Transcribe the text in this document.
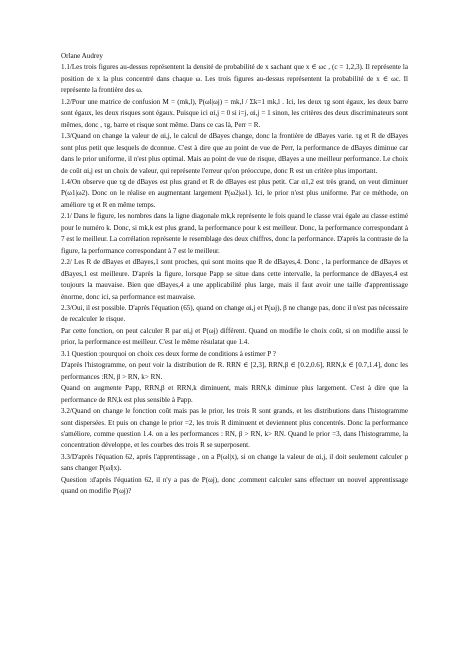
Orlane Audrey

1.1/Les trois figures au-dessus représentent la densité de probabilité de x sachant que x ∈ ωc , (c = 1,2,3). Il représente la position de x la plus concentré dans chaque ω. Les trois figures au-dessus représentent la probabilité de x ∈ ωc. Il représente la frontière des ω.

1.2/Pour une matrice de confusion M = (mk,l), P(ωl|ωj) = mk,l / Σk=1 mk,l . Ici, les deux τg sont égaux, les deux barre sont égaux, les deux risques sont égaux. Puisque ici αi,j = 0 si i=j, αi,j = 1 sinon, les critères des deux discriminateurs sont mêmes, donc , τg, barre et risque sont même. Dans ce cas là, Perr = R.

1.3/Quand on change la valeur de αi,j, le calcul de dBayes change, donc la frontière de dBayes varie. τg et R de dBayes sont plus petit que lesquels de dconnue. C'est à dire que au point de vue de Perr, la performance de dBayes diminue car dans le prior uniforme, il n'est plus optimal. Mais au point de vue de risque, dBayes a une meilleur performance. Le choix de coût αi,j est un choix de valeur, qui représente l'erreur qu'on préoccupe, donc R est un critère plus important.

1.4/On observe que τg de dBayes est plus grand et R de dBayes est plus petit. Car α1,2 est très grand, on veut diminuer P(ω1|ω2). Donc on le réalise en augmentant largement P(ω2|ω1). Ici, le prior n'est plus uniforme. Par ce méthode, on améliore τg et R en même temps.

2.1/ Dans le figure, les nombres dans la ligne diagonale mk,k représente le fois quand le classe vrai égale au classe estimé pour le numéro k. Donc, si mk,k est plus grand, la performance pour k est meilleur. Donc, la performance correspondant à 7 est le meilleur. La corrélation représente le resemblage des deux chiffres, donc la performance. D'après la contraste de la figure, la performance correspondant à 7 est le meilleur.

2.2/ Les R de dBayes et dBayes,1 sont proches, qui sont moins que R de dBayes,4. Donc , la performance de dBayes et dBayes,1 est meilleure. D'après la figure, lorsque Papp se situe dans cette intervalle, la performance de dBayes,4 est toujours la mauvaise. Bien que dBayes,4 a une applicabilité plus large, mais il faut avoir une taille d'apprentissage énorme, donc ici, sa performance est mauvaise.

2.3/Oui, il est possible. D'après l'équation (65), quand on change αi,j et P(ωj), β ne change pas, donc il n'est pas nécessaire de recalculer le risque.

Par cette fonction, on peut calculer R par αi,j et P(ωj) différent. Quand on modifie le choix coût, si on modifie aussi le prior, la performance est meilleur. C'est le même résulatat que 1.4.

3.1 Question :pourquoi on choix ces deux forme de conditions à estimer P ?

D'après l'histogramme, on peut voir la distribution de R. RRN ∈ [2,3], RRN,β ∈ [0.2,0.6], RRN,k ∈ [0.7,1.4], donc les performances :RN, β > RN, k> RN.

Quand on augmente Papp, RRN,β et RRN,k diminuent, mais RRN,k diminue plus largement. C'est à dire que la performance de RN,k est plus sensible à Papp.

3.2/Quand on change le fonction coût mais pas le prior, les trois R sont grands, et les distributions dans l'histogramme sont dispersées. Et puis on change le prior =2, les trois R diminuent et deviennent plus concentrés. Donc la performance s'améliore, comme question 1.4. on a les performances : RN, β > RN, k> RN. Quand le prior =3, dans l'histogramme, la concentration développe, et les courbes des trois R se superposent.

3.3/D'après l'équation 62, après l'apprentissage , on a P(ωl|x), si on change la valeur de αi,j, il doit seulement calculer ρ sans changer P(ωl|x).

Question :d'après l'équation 62, il n'y a pas de P(ωj), donc ,comment calculer sans effectuer un nouvel apprentissage quand on modifie P(ωj)?
